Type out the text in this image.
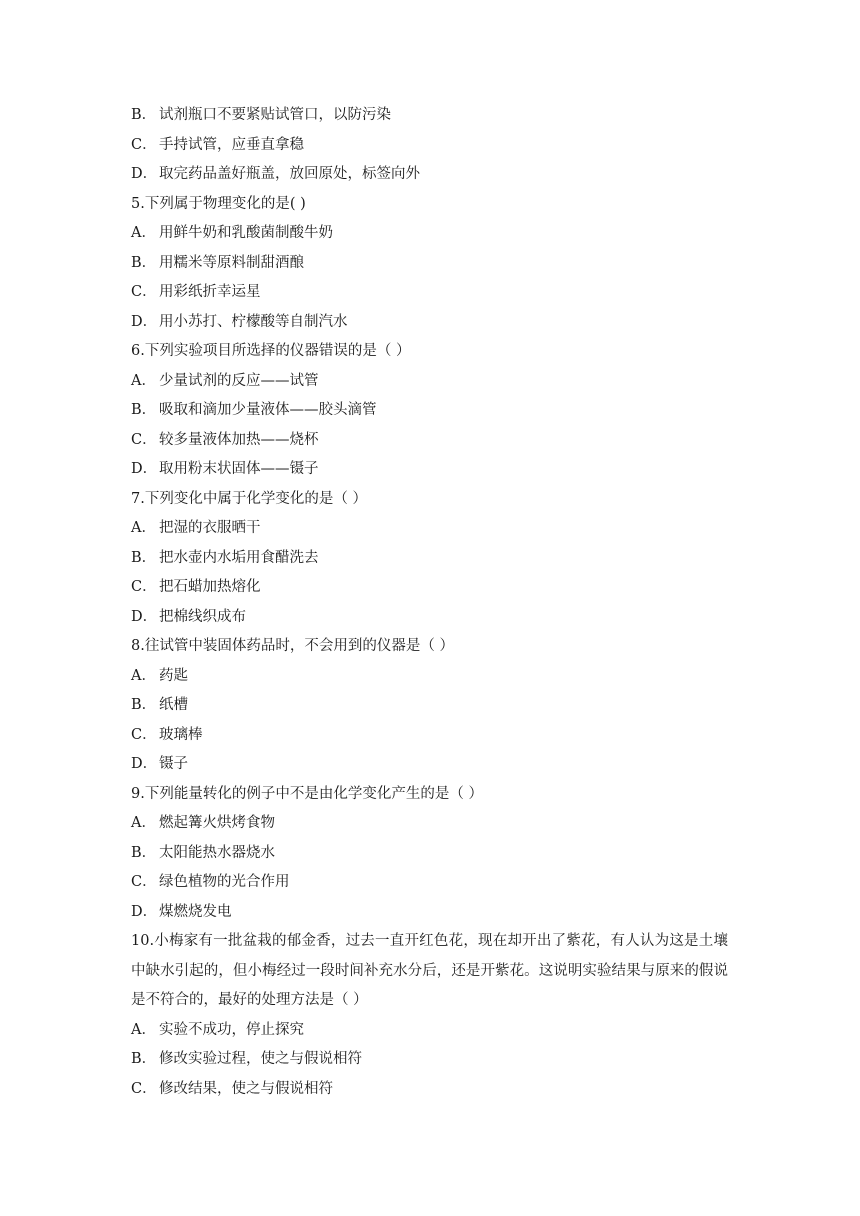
B． 试剂瓶口不要紧贴试管口，以防污染
C． 手持试管，应垂直拿稳
D． 取完药品盖好瓶盖，放回原处，标签向外
5.下列属于物理变化的是( )
A． 用鲜牛奶和乳酸菌制酸牛奶
B． 用糯米等原料制甜酒酿
C． 用彩纸折幸运星
D． 用小苏打、柠檬酸等自制汽水
6.下列实验项目所选择的仪器错误的是（ ）
A． 少量试剂的反应——试管
B． 吸取和滴加少量液体——胶头滴管
C． 较多量液体加热——烧杯
D． 取用粉末状固体——镊子
7.下列变化中属于化学变化的是（ ）
A． 把湿的衣服晒干
B． 把水壶内水垢用食醋洗去
C． 把石蜡加热熔化
D． 把棉线织成布
8.往试管中装固体药品时，不会用到的仪器是（ ）
A． 药匙
B． 纸槽
C． 玻璃棒
D． 镊子
9.下列能量转化的例子中不是由化学变化产生的是（ ）
A． 燃起篝火烘烤食物
B． 太阳能热水器烧水
C． 绿色植物的光合作用
D． 煤燃烧发电
10.小梅家有一批盆栽的郁金香，过去一直开红色花，现在却开出了紫花，有人认为这是土壤中缺水引起的，但小梅经过一段时间补充水分后，还是开紫花。这说明实验结果与原来的假说是不符合的，最好的处理方法是（ ）
A． 实验不成功，停止探究
B． 修改实验过程，使之与假说相符
C． 修改结果，使之与假说相符
